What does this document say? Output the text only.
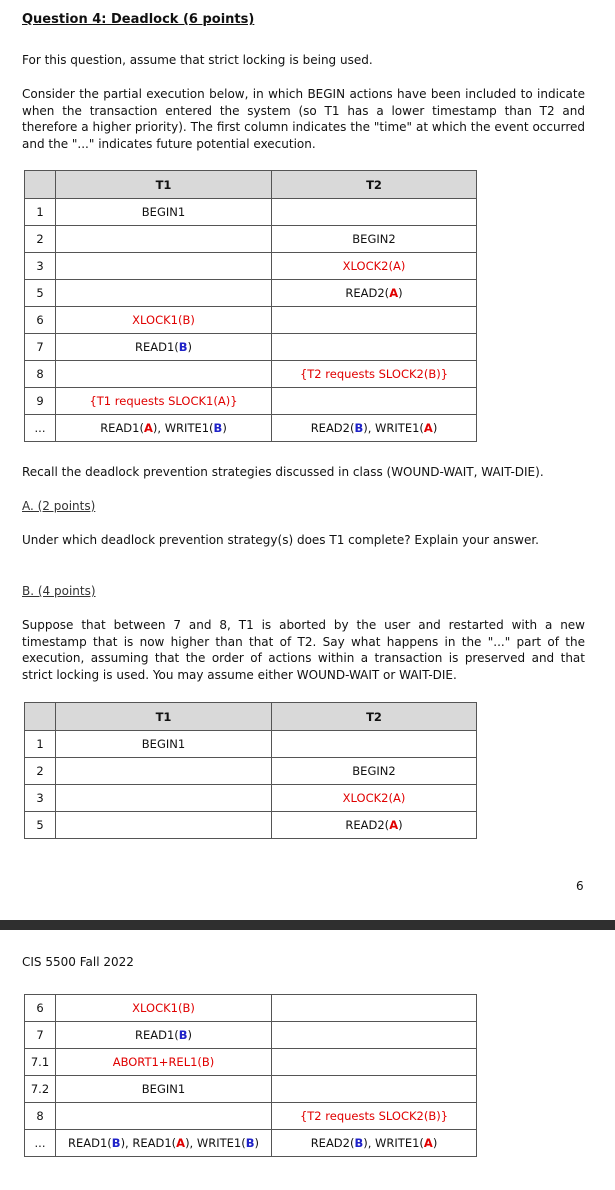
Question 4: Deadlock (6 points)
For this question, assume that strict locking is being used.
Consider the partial execution below, in which BEGIN actions have been included to indicate when the transaction entered the system (so T1 has a lower timestamp than T2 and therefore a higher priority). The first column indicates the "time" at which the event occurred and the "..." indicates future potential execution.
	T1	T2
1	BEGIN1	
2		BEGIN2
3		XLOCK2(A)
5		READ2(A)
6	XLOCK1(B)	
7	READ1(B)	
8		{T2 requests SLOCK2(B)}
9	{T1 requests SLOCK1(A)}	
...	READ1(A), WRITE1(B)	READ2(B), WRITE1(A)
Recall the deadlock prevention strategies discussed in class (WOUND-WAIT, WAIT-DIE).
A. (2 points)
Under which deadlock prevention strategy(s) does T1 complete? Explain your answer.
B. (4 points)
Suppose that between 7 and 8, T1 is aborted by the user and restarted with a new timestamp that is now higher than that of T2. Say what happens in the "..." part of the execution, assuming that the order of actions within a transaction is preserved and that strict locking is used. You may assume either WOUND-WAIT or WAIT-DIE.
	T1	T2
1	BEGIN1	
2		BEGIN2
3		XLOCK2(A)
5		READ2(A)
6
CIS 5500 Fall 2022
6	XLOCK1(B)	
7	READ1(B)	
7.1	ABORT1+REL1(B)	
7.2	BEGIN1	
8		{T2 requests SLOCK2(B)}
...	READ1(B), READ1(A), WRITE1(B)	READ2(B), WRITE1(A)
